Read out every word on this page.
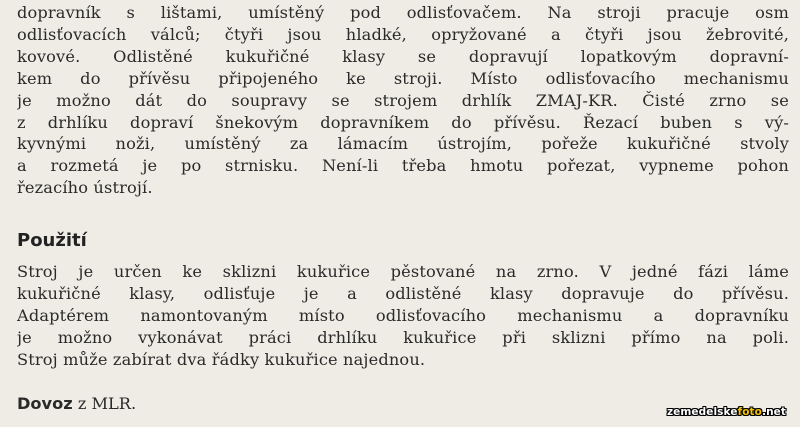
dopravník s lištami, umístěný pod odlisťovačem. Na stroji pracuje osm
odlisťovacích válců; čtyři jsou hladké, opryžované a čtyři jsou žebrovité,
kovové. Odlistěné kukuřičné klasy se dopravují lopatkovým dopravní-
kem do přívěsu připojeného ke stroji. Místo odlisťovacího mechanismu
je možno dát do soupravy se strojem drhlík ZMAJ-KR. Čisté zrno se
z drhlíku dopraví šnekovým dopravníkem do přívěsu. Řezací buben s vý-
kyvnými noži, umístěný za lámacím ústrojím, pořeže kukuřičné stvoly
a rozmetá je po strnisku. Není-li třeba hmotu pořezat, vypneme pohon
řezacího ústrojí.
Použití
Stroj je určen ke sklizni kukuřice pěstované na zrno. V jedné fázi láme
kukuřičné klasy, odlisťuje je a odlistěné klasy dopravuje do přívěsu.
Adaptérem namontovaným místo odlisťovacího mechanismu a dopravníku
je možno vykonávat práci drhlíku kukuřice při sklizni přímo na poli.
Stroj může zabírat dva řádky kukuřice najednou.

Dovoz z MLR.	zemedelskefoto.net
